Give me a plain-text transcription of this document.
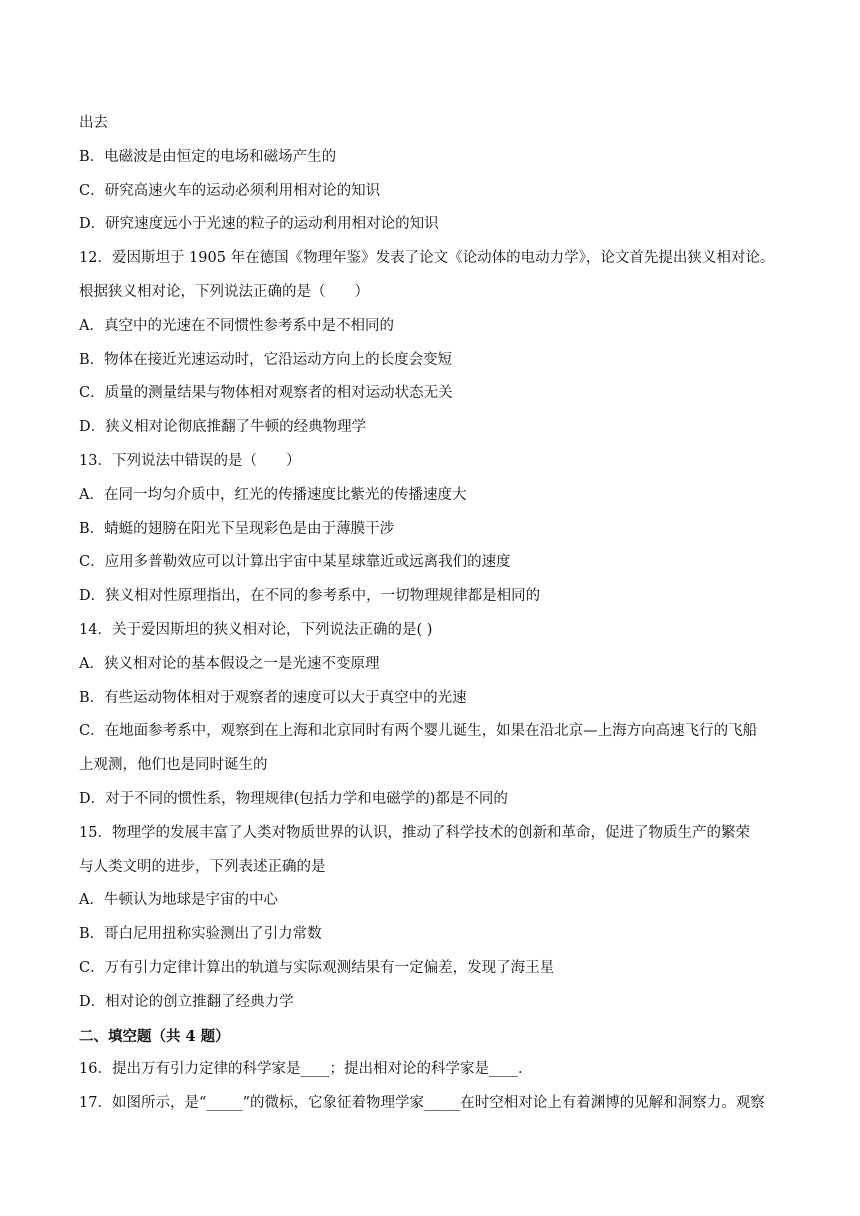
出去
B．电磁波是由恒定的电场和磁场产生的
C．研究高速火车的运动必须利用相对论的知识
D．研究速度远小于光速的粒子的运动利用相对论的知识
12．爱因斯坦于 1905 年在德国《物理年鉴》发表了论文《论动体的电动力学》，论文首先提出狭义相对论。
根据狭义相对论，下列说法正确的是（　　）
A．真空中的光速在不同惯性参考系中是不相同的
B．物体在接近光速运动时，它沿运动方向上的长度会变短
C．质量的测量结果与物体相对观察者的相对运动状态无关
D．狭义相对论彻底推翻了牛顿的经典物理学
13．下列说法中错误的是（　　）
A．在同一均匀介质中，红光的传播速度比紫光的传播速度大
B．蜻蜓的翅膀在阳光下呈现彩色是由于薄膜干涉
C．应用多普勒效应可以计算出宇宙中某星球靠近或远离我们的速度
D．狭义相对性原理指出，在不同的参考系中，一切物理规律都是相同的
14．关于爱因斯坦的狭义相对论，下列说法正确的是( )
A．狭义相对论的基本假设之一是光速不变原理
B．有些运动物体相对于观察者的速度可以大于真空中的光速
C．在地面参考系中，观察到在上海和北京同时有两个婴儿诞生，如果在沿北京—上海方向高速飞行的飞船
上观测，他们也是同时诞生的
D．对于不同的惯性系，物理规律(包括力学和电磁学的)都是不同的
15．物理学的发展丰富了人类对物质世界的认识，推动了科学技术的创新和革命，促进了物质生产的繁荣
与人类文明的进步，下列表述正确的是
A．牛顿认为地球是宇宙的中心
B．哥白尼用扭称实验测出了引力常数
C．万有引力定律计算出的轨道与实际观测结果有一定偏差，发现了海王星
D．相对论的创立推翻了经典力学
二、填空题（共 4 题）
16．提出万有引力定律的科学家是____；提出相对论的科学家是____.
17．如图所示，是“_____”的微标，它象征着物理学家_____在时空相对论上有着渊博的见解和洞察力。观察
